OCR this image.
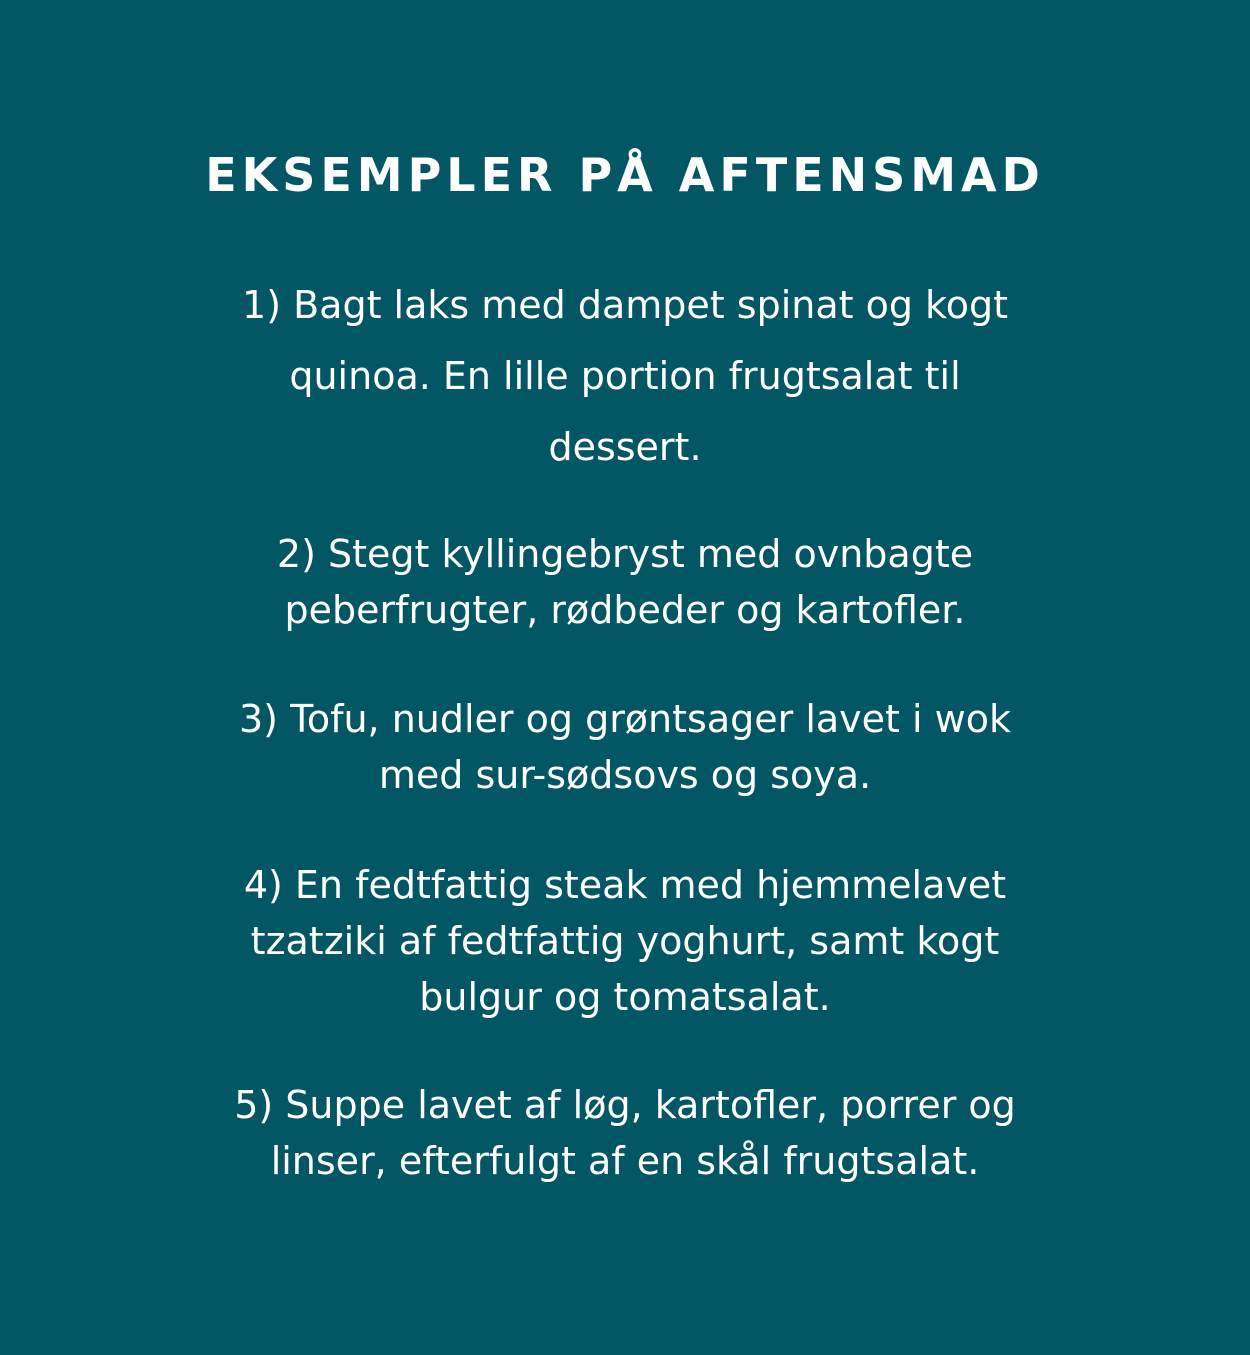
EKSEMPLER PÅ AFTENSMAD

1) Bagt laks med dampet spinat og kogt
quinoa. En lille portion frugtsalat til
dessert.

2) Stegt kyllingebryst med ovnbagte
peberfrugter, rødbeder og kartofler.

3) Tofu, nudler og grøntsager lavet i wok
med sur-sødsovs og soya.

4) En fedtfattig steak med hjemmelavet
tzatziki af fedtfattig yoghurt, samt kogt
bulgur og tomatsalat.

5) Suppe lavet af løg, kartofler, porrer og
linser, efterfulgt af en skål frugtsalat.
